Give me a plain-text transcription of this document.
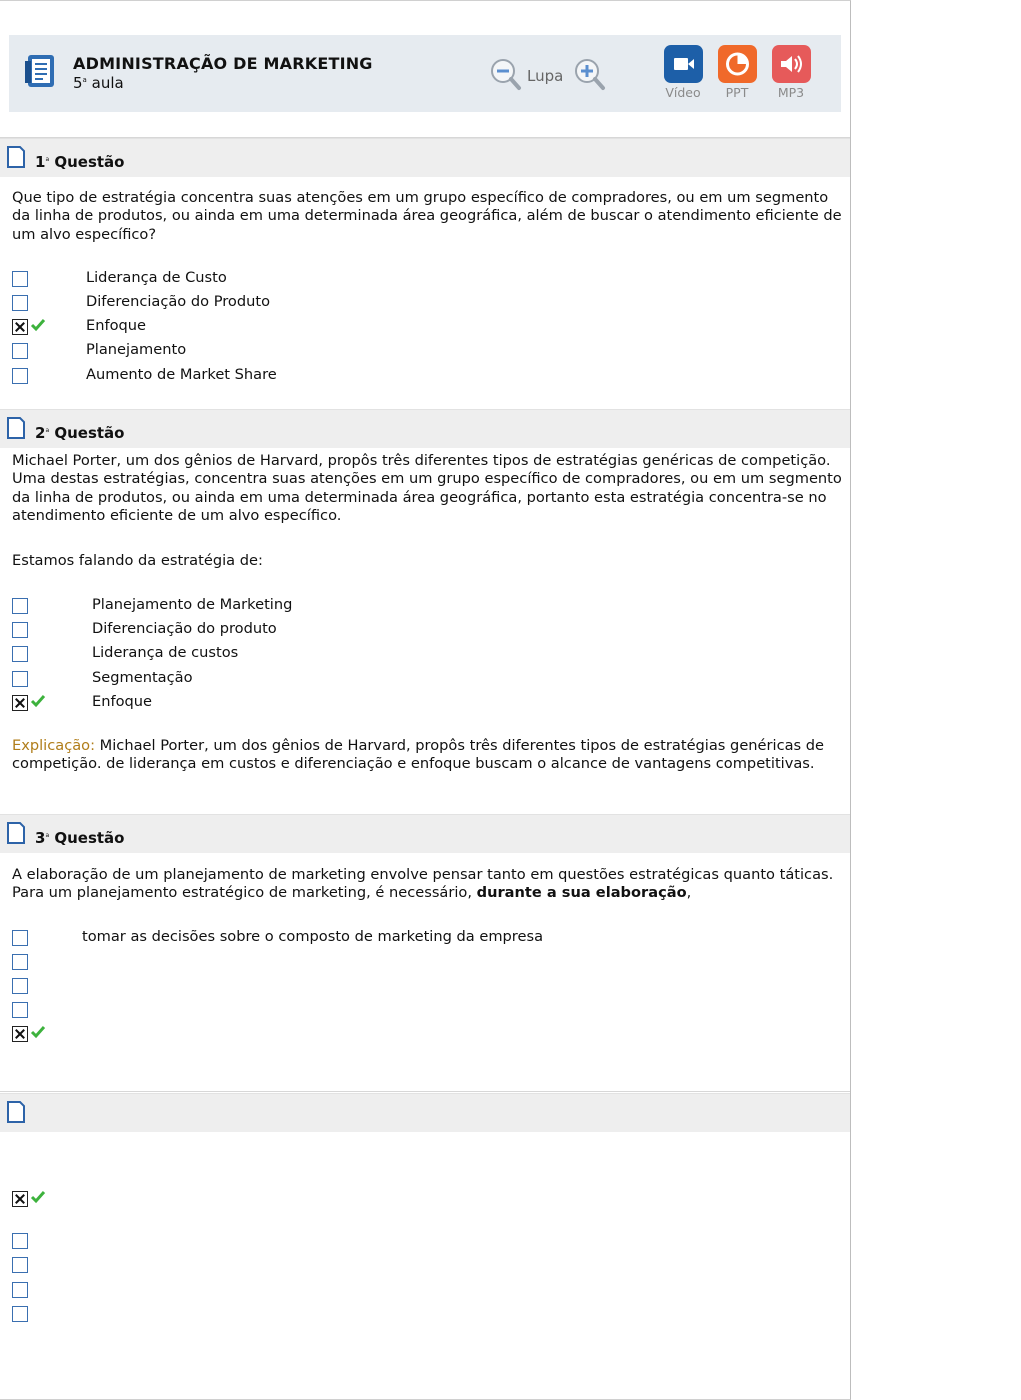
ADMINISTRAÇÃO DE MARKETING
5$^a$ aula	Lupa
Vídeo	PPT	MP3
1$^a$ Questão
Que tipo de estratégia concentra suas atenções em um grupo específico de compradores, ou em um segmento da linha de produtos, ou ainda em uma determinada área geográfica, além de buscar o atendimento eficiente de um alvo específico?
Liderança de Custo
Diferenciação do Produto
Enfoque
Planejamento
Aumento de Market Share
2$^a$ Questão
Michael Porter, um dos gênios de Harvard, propôs três diferentes tipos de estratégias genéricas de competição. Uma destas estratégias, concentra suas atenções em um grupo específico de compradores, ou em um segmento da linha de produtos, ou ainda em uma determinada área geográfica, portanto esta estratégia concentra-se no atendimento eficiente de um alvo específico.
Estamos falando da estratégia de:
Planejamento de Marketing
Diferenciação do produto
Liderança de custos
Segmentação
Enfoque
Explicação: Michael Porter, um dos gênios de Harvard, propôs três diferentes tipos de estratégias genéricas de competição. de liderança em custos e diferenciação e enfoque buscam o alcance de vantagens competitivas.
3$^a$ Questão
A elaboração de um planejamento de marketing envolve pensar tanto em questões estratégicas quanto táticas. Para um planejamento estratégico de marketing, é necessário, durante a sua elaboração,
tomar as decisões sobre o composto de marketing da empresa
